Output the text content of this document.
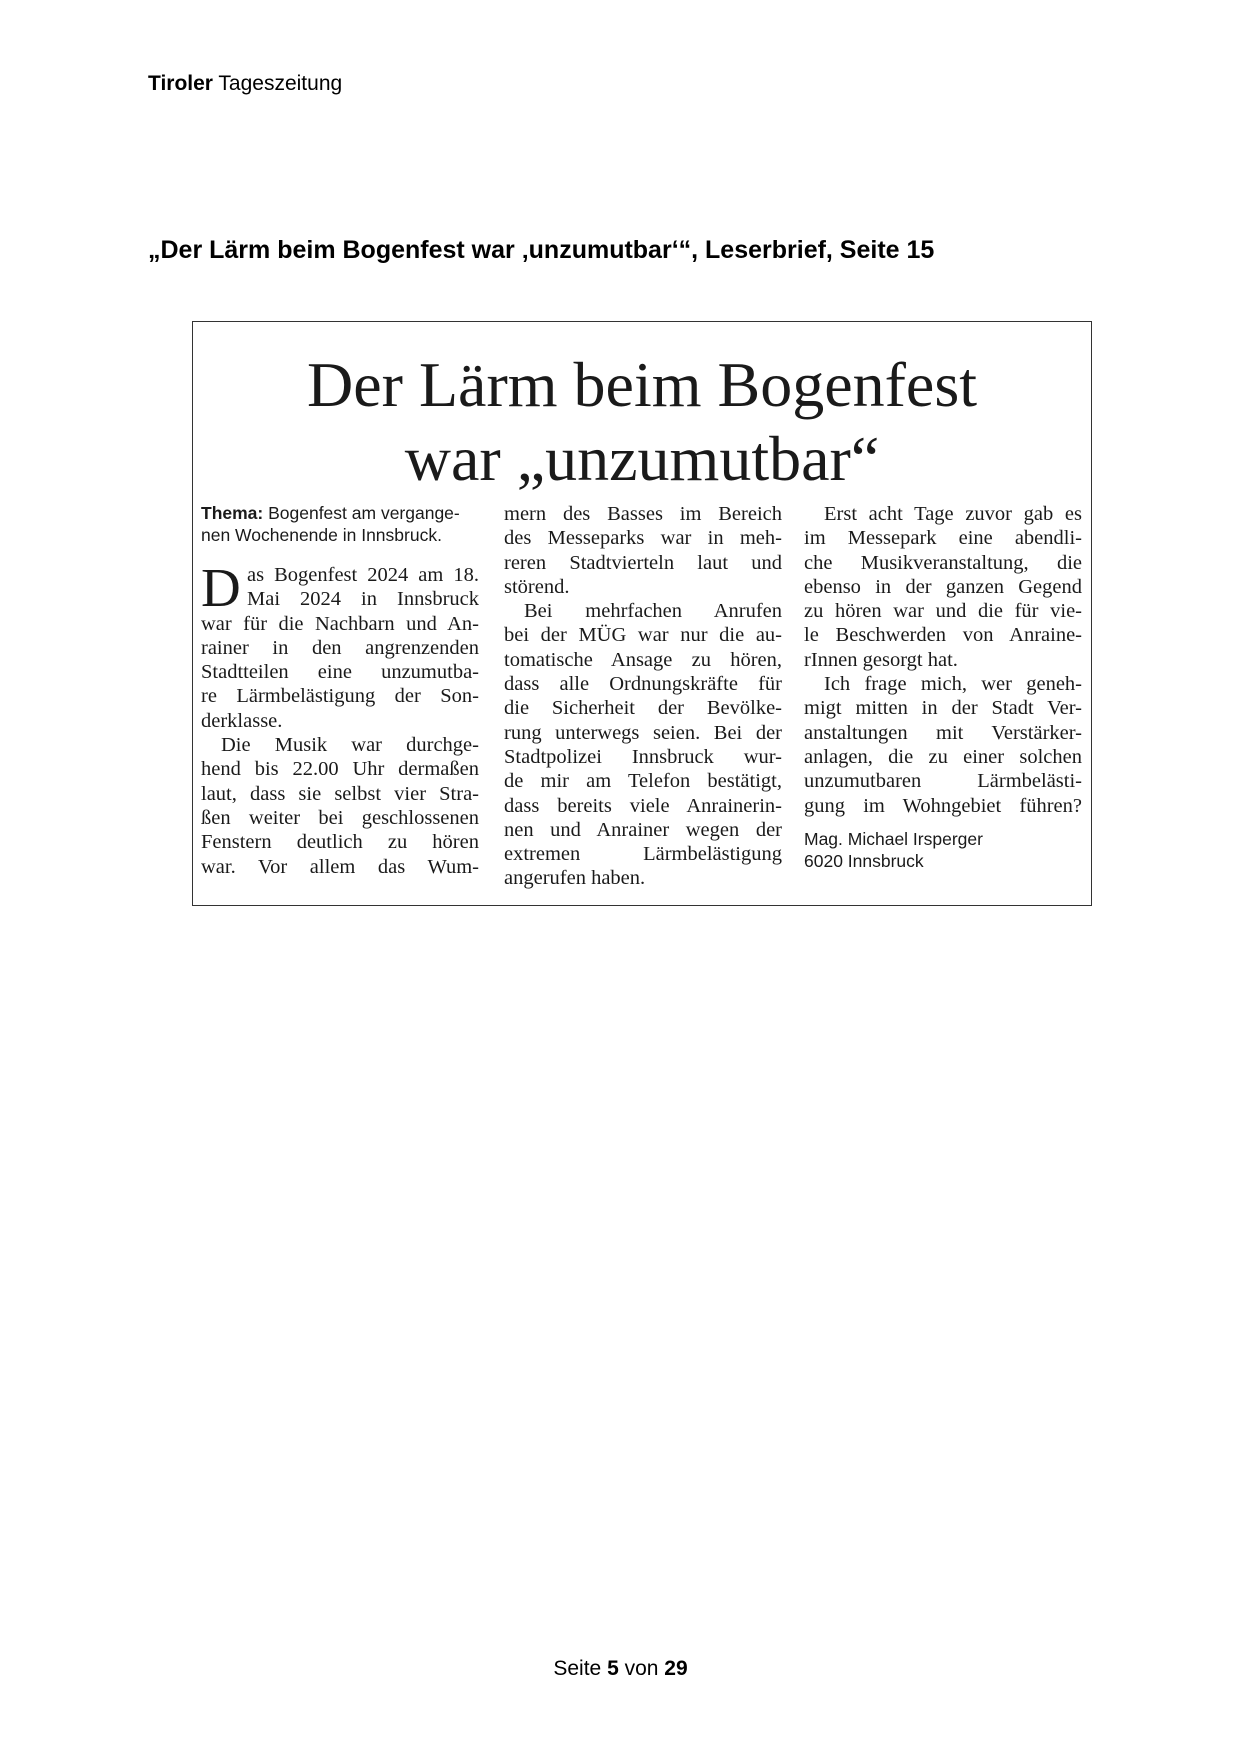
Tiroler Tageszeitung
„Der Lärm beim Bogenfest war ‚unzumutbar‘“, Leserbrief, Seite 15
Der Lärm beim Bogenfest
war „unzumutbar“
Thema: Bogenfest am vergange-
nen Wochenende in Innsbruck.
D as Bogenfest 2024 am 18.
Mai 2024 in Innsbruck
war für die Nachbarn und An-
rainer in den angrenzenden
Stadtteilen eine unzumutba-
re Lärmbelästigung der Son-
derklasse.
Die Musik war durchge-
hend bis 22.00 Uhr dermaßen
laut, dass sie selbst vier Stra-
ßen weiter bei geschlossenen
Fenstern deutlich zu hören
war. Vor allem das Wum-
mern des Basses im Bereich
des Messeparks war in meh-
reren Stadtvierteln laut und
störend.
Bei mehrfachen Anrufen
bei der MÜG war nur die au-
tomatische Ansage zu hören,
dass alle Ordnungskräfte für
die Sicherheit der Bevölke-
rung unterwegs seien. Bei der
Stadtpolizei Innsbruck wur-
de mir am Telefon bestätigt,
dass bereits viele Anrainerin-
nen und Anrainer wegen der
extremen Lärmbelästigung
angerufen haben.
Erst acht Tage zuvor gab es
im Messepark eine abendli-
che Musikveranstaltung, die
ebenso in der ganzen Gegend
zu hören war und die für vie-
le Beschwerden von Anraine-
rInnen gesorgt hat.
Ich frage mich, wer geneh-
migt mitten in der Stadt Ver-
anstaltungen mit Verstärker-
anlagen, die zu einer solchen
unzumutbaren Lärmbelästi-
gung im Wohngebiet führen?
Mag. Michael Irsperger
6020 Innsbruck
Seite 5 von 29
